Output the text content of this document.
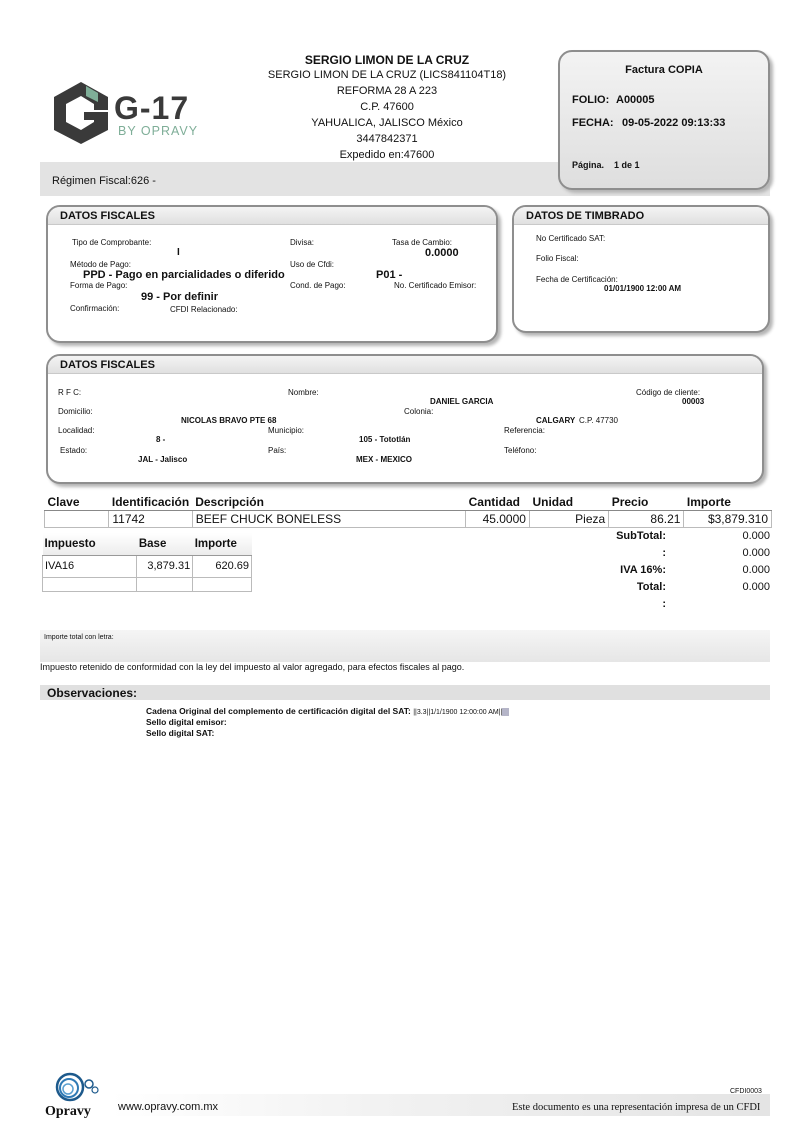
G-17
BY OPRAVY
SERGIO LIMON DE LA CRUZ
SERGIO LIMON DE LA CRUZ (LICS841104T18)
REFORMA 28 A 223
C.P. 47600
YAHUALICA, JALISCO México
3447842371
Expedido en:47600
Régimen Fiscal:626 -
Factura COPIA
FOLIO: A00005
FECHA: 09-05-2022 09:13:33
Página. 1 de 1
DATOS FISCALES
Tipo de Comprobante:
I
Divisa:	Tasa de Cambio:
0.0000
Método de Pago:
PPD - Pago en parcialidades o diferido
Uso de Cfdi:
P01 -
Forma de Pago:
99 - Por definir
Cond. de Pago:	No. Certificado Emisor:
Confirmación:	CFDI Relacionado:
DATOS DE TIMBRADO
No Certificado SAT:
Folio Fiscal:
Fecha de Certificación:
01/01/1900 12:00 AM
DATOS FISCALES
R F C:	Nombre:
DANIEL GARCIA
Código de cliente:
00003
Domicilio:
NICOLAS BRAVO PTE 68
Colonia:
CALGARY C.P. 47730
Localidad:
8 -
Municipio:
105 - Tototlán
Referencia:
Estado:
JAL - Jalisco
País:
MEX - MEXICO
Teléfono:
Clave	Identificación	Descripción	Cantidad	Unidad	Precio	Importe
	11742	BEEF CHUCK BONELESS	45.0000	Pieza	86.21	$3,879.310
Impuesto	Base	Importe
IVA16	3,879.31	620.69

SubTotal:	0.000
:	0.000
IVA 16%:	0.000
Total:	0.000
:
Importe total con letra:
Impuesto retenido de conformidad con la ley del impuesto al valor agregado, para efectos fiscales al pago.
Observaciones:
Cadena Original del complemento de certificación digital del SAT: ||3.3||1/1/1900 12:00:00 AM||
Sello digital emisor:
Sello digital SAT:
Opravy www.opravy.com.mx
CFDI0003
Este documento es una representación impresa de un CFDI
